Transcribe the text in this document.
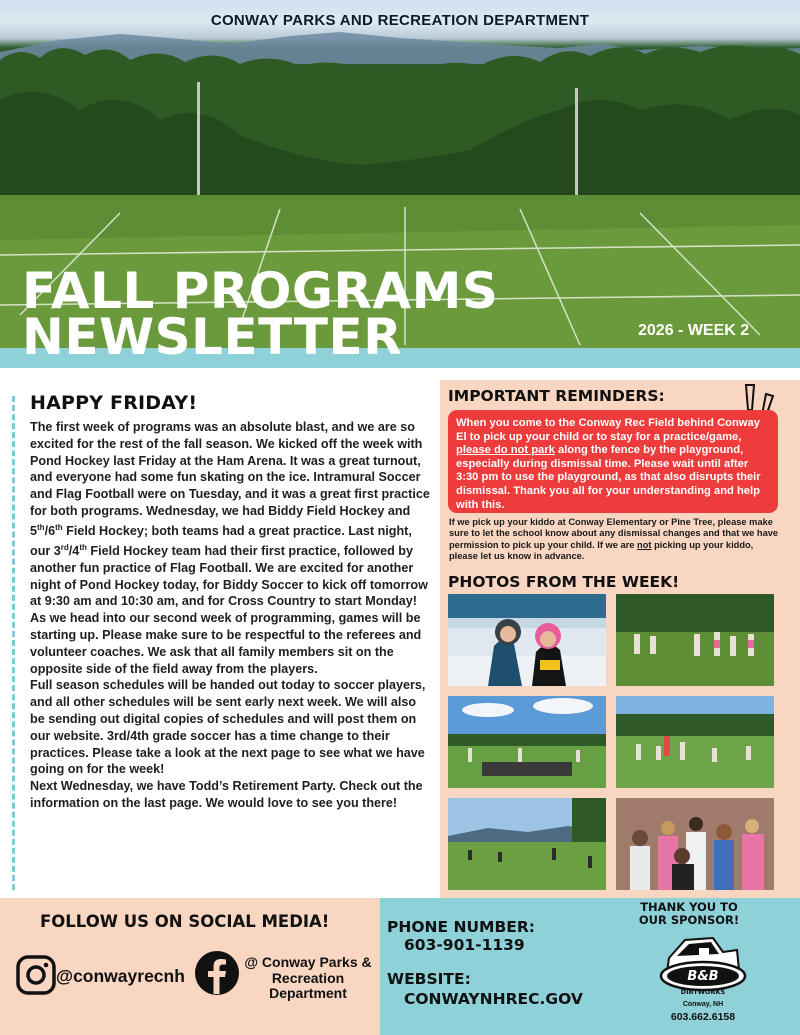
CONWAY PARKS AND RECREATION DEPARTMENT
FALL PROGRAMS
NEWSLETTER	2026 - WEEK 2
HAPPY FRIDAY!

The first week of programs was an absolute blast, and we are so excited for the rest of the fall season. We kicked off the week with Pond Hockey last Friday at the Ham Arena. It was a great turnout, and everyone had some fun skating on the ice. Intramural Soccer and Flag Football were on Tuesday, and it was a great first practice for both programs. Wednesday, we had Biddy Field Hockey and 5th/6th Field Hockey; both teams had a great practice. Last night, our 3rd/4th Field Hockey team had their first practice, followed by another fun practice of Flag Football. We are excited for another night of Pond Hockey today, for Biddy Soccer to kick off tomorrow at 9:30 am and 10:30 am, and for Cross Country to start Monday!

As we head into our second week of programming, games will be starting up. Please make sure to be respectful to the referees and volunteer coaches. We ask that all family members sit on the opposite side of the field away from the players.

Full season schedules will be handed out today to soccer players, and all other schedules will be sent early next week. We will also be sending out digital copies of schedules and will post them on our website. 3rd/4th grade soccer has a time change to their practices. Please take a look at the next page to see what we have going on for the week!

Next Wednesday, we have Todd’s Retirement Party. Check out the information on the last page. We would love to see you there!

IMPORTANT REMINDERS:
When you come to the Conway Rec Field behind Conway El to pick up your child or to stay for a practice/game, please do not park along the fence by the playground, especially during dismissal time. Please wait until after 3:30 pm to use the playground, as that also disrupts their dismissal. Thank you all for your understanding and help with this.
If we pick up your kiddo at Conway Elementary or Pine Tree, please make sure to let the school know about any dismissal changes and that we have permission to pick up your child. If we are not picking up your kiddo, please let us know in advance.
PHOTOS FROM THE WEEK!
FOLLOW US ON SOCIAL MEDIA!
@conwayrecnh
@ Conway Parks &
Recreation
Department
PHONE NUMBER:
603-901-1139
WEBSITE:
CONWAYNHREC.GOV
THANK YOU TO OUR SPONSOR!
B&B
DIRTWORKS
Conway, NH
603.662.6158
